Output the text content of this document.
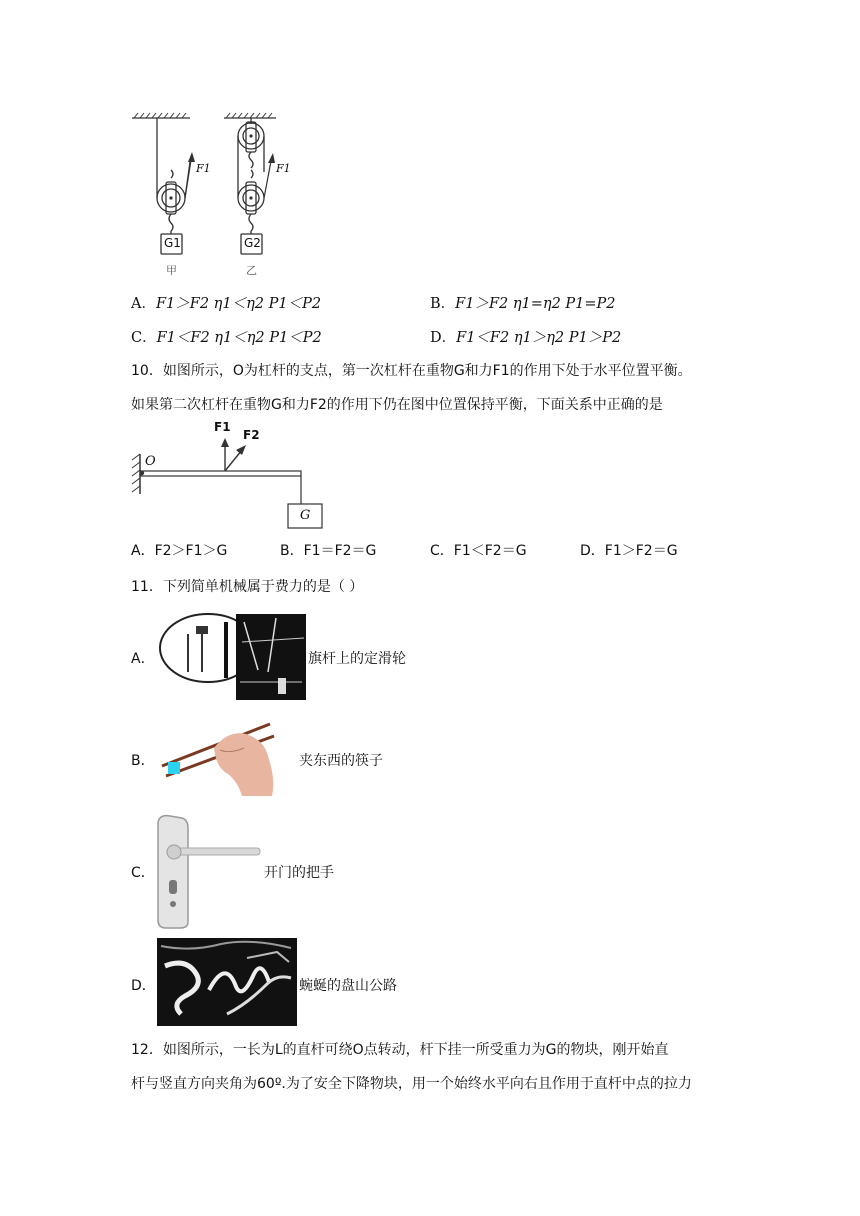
G1	G2
F1	F1
甲	乙
A．F1＞F2 η1＜η2 P1＜P2	B．F1＞F2 η1=η2 P1=P2
C．F1＜F2 η1＜η2 P1＜P2	D．F1＜F2 η1＞η2 P1＞P2
10．如图所示，O为杠杆的支点，第一次杠杆在重物G和力F1的作用下处于水平位置平衡。
如果第二次杠杆在重物G和力F2的作用下仍在图中位置保持平衡，下面关系中正确的是
O
F1
F2
G
A．F2＞F1＞G	B．F1＝F2＝G	C．F1＜F2＝G	D．F1＞F2＝G
11．下列简单机械属于费力的是（ ）
A．	旗杆上的定滑轮
B．	夹东西的筷子
C．	开门的把手
D．	蜿蜒的盘山公路
12．如图所示，一长为L的直杆可绕O点转动，杆下挂一所受重力为G的物块，刚开始直
杆与竖直方向夹角为60º.为了安全下降物块，用一个始终水平向右且作用于直杆中点的拉力
